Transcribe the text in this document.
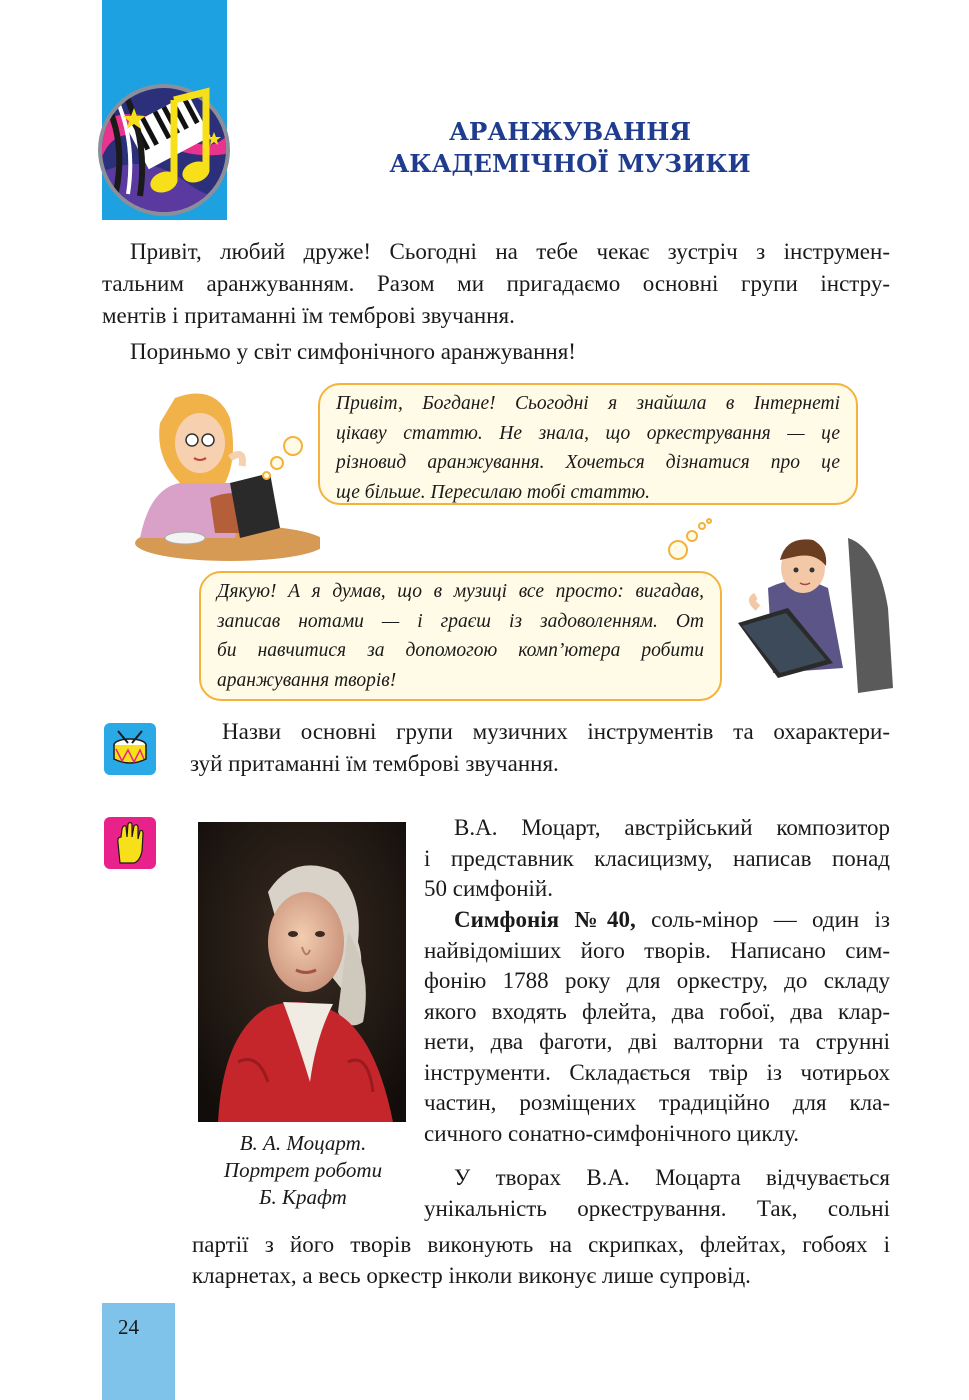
АРАНЖУВАННЯ
АКАДЕМІЧНОЇ МУЗИКИ
Привіт, любий друже! Сьогодні на тебе чекає зустріч з інструмен-
тальним аранжуванням. Разом ми пригадаємо основні групи інстру-
ментів і притаманні їм темброві звучання.
Пориньмо у світ симфонічного аранжування!
Привіт, Богдане! Сьогодні я знайшла в Інтернеті
цікаву статтю. Не знала, що оркестрування — це
різновид аранжування. Хочеться дізнатися про це
ще більше. Пересилаю тобі статтю.
Дякую! А я думав, що в музиці все просто: вигадав,
записав нотами — і граєш із задоволенням. От
би навчитися за допомогою комп’ютера робити
аранжування творів!
Назви основні групи музичних інструментів та охарактери-
зуй притаманні їм темброві звучання.
В. А. Моцарт.
Портрет роботи
Б. Крафт
В.А. Моцарт, австрійський композитор
і представник класицизму, написав понад
50 симфоній.
Симфонія №40, соль-мінор — один із
найвідоміших його творів. Написано сим-
фонію 1788 року для оркестру, до складу
якого входять флейта, два гобої, два клар-
нети, два фаготи, дві валторни та струнні
інструменти. Складається твір із чотирьох
частин, розміщених традиційно для кла-
сичного сонатно-симфонічного циклу.
У творах В.А. Моцарта відчувається
унікальність оркестрування. Так, сольні
партії з його творів виконують на скрипках, флейтах, гобоях і
кларнетах, а весь оркестр інколи виконує лише супровід.
24
